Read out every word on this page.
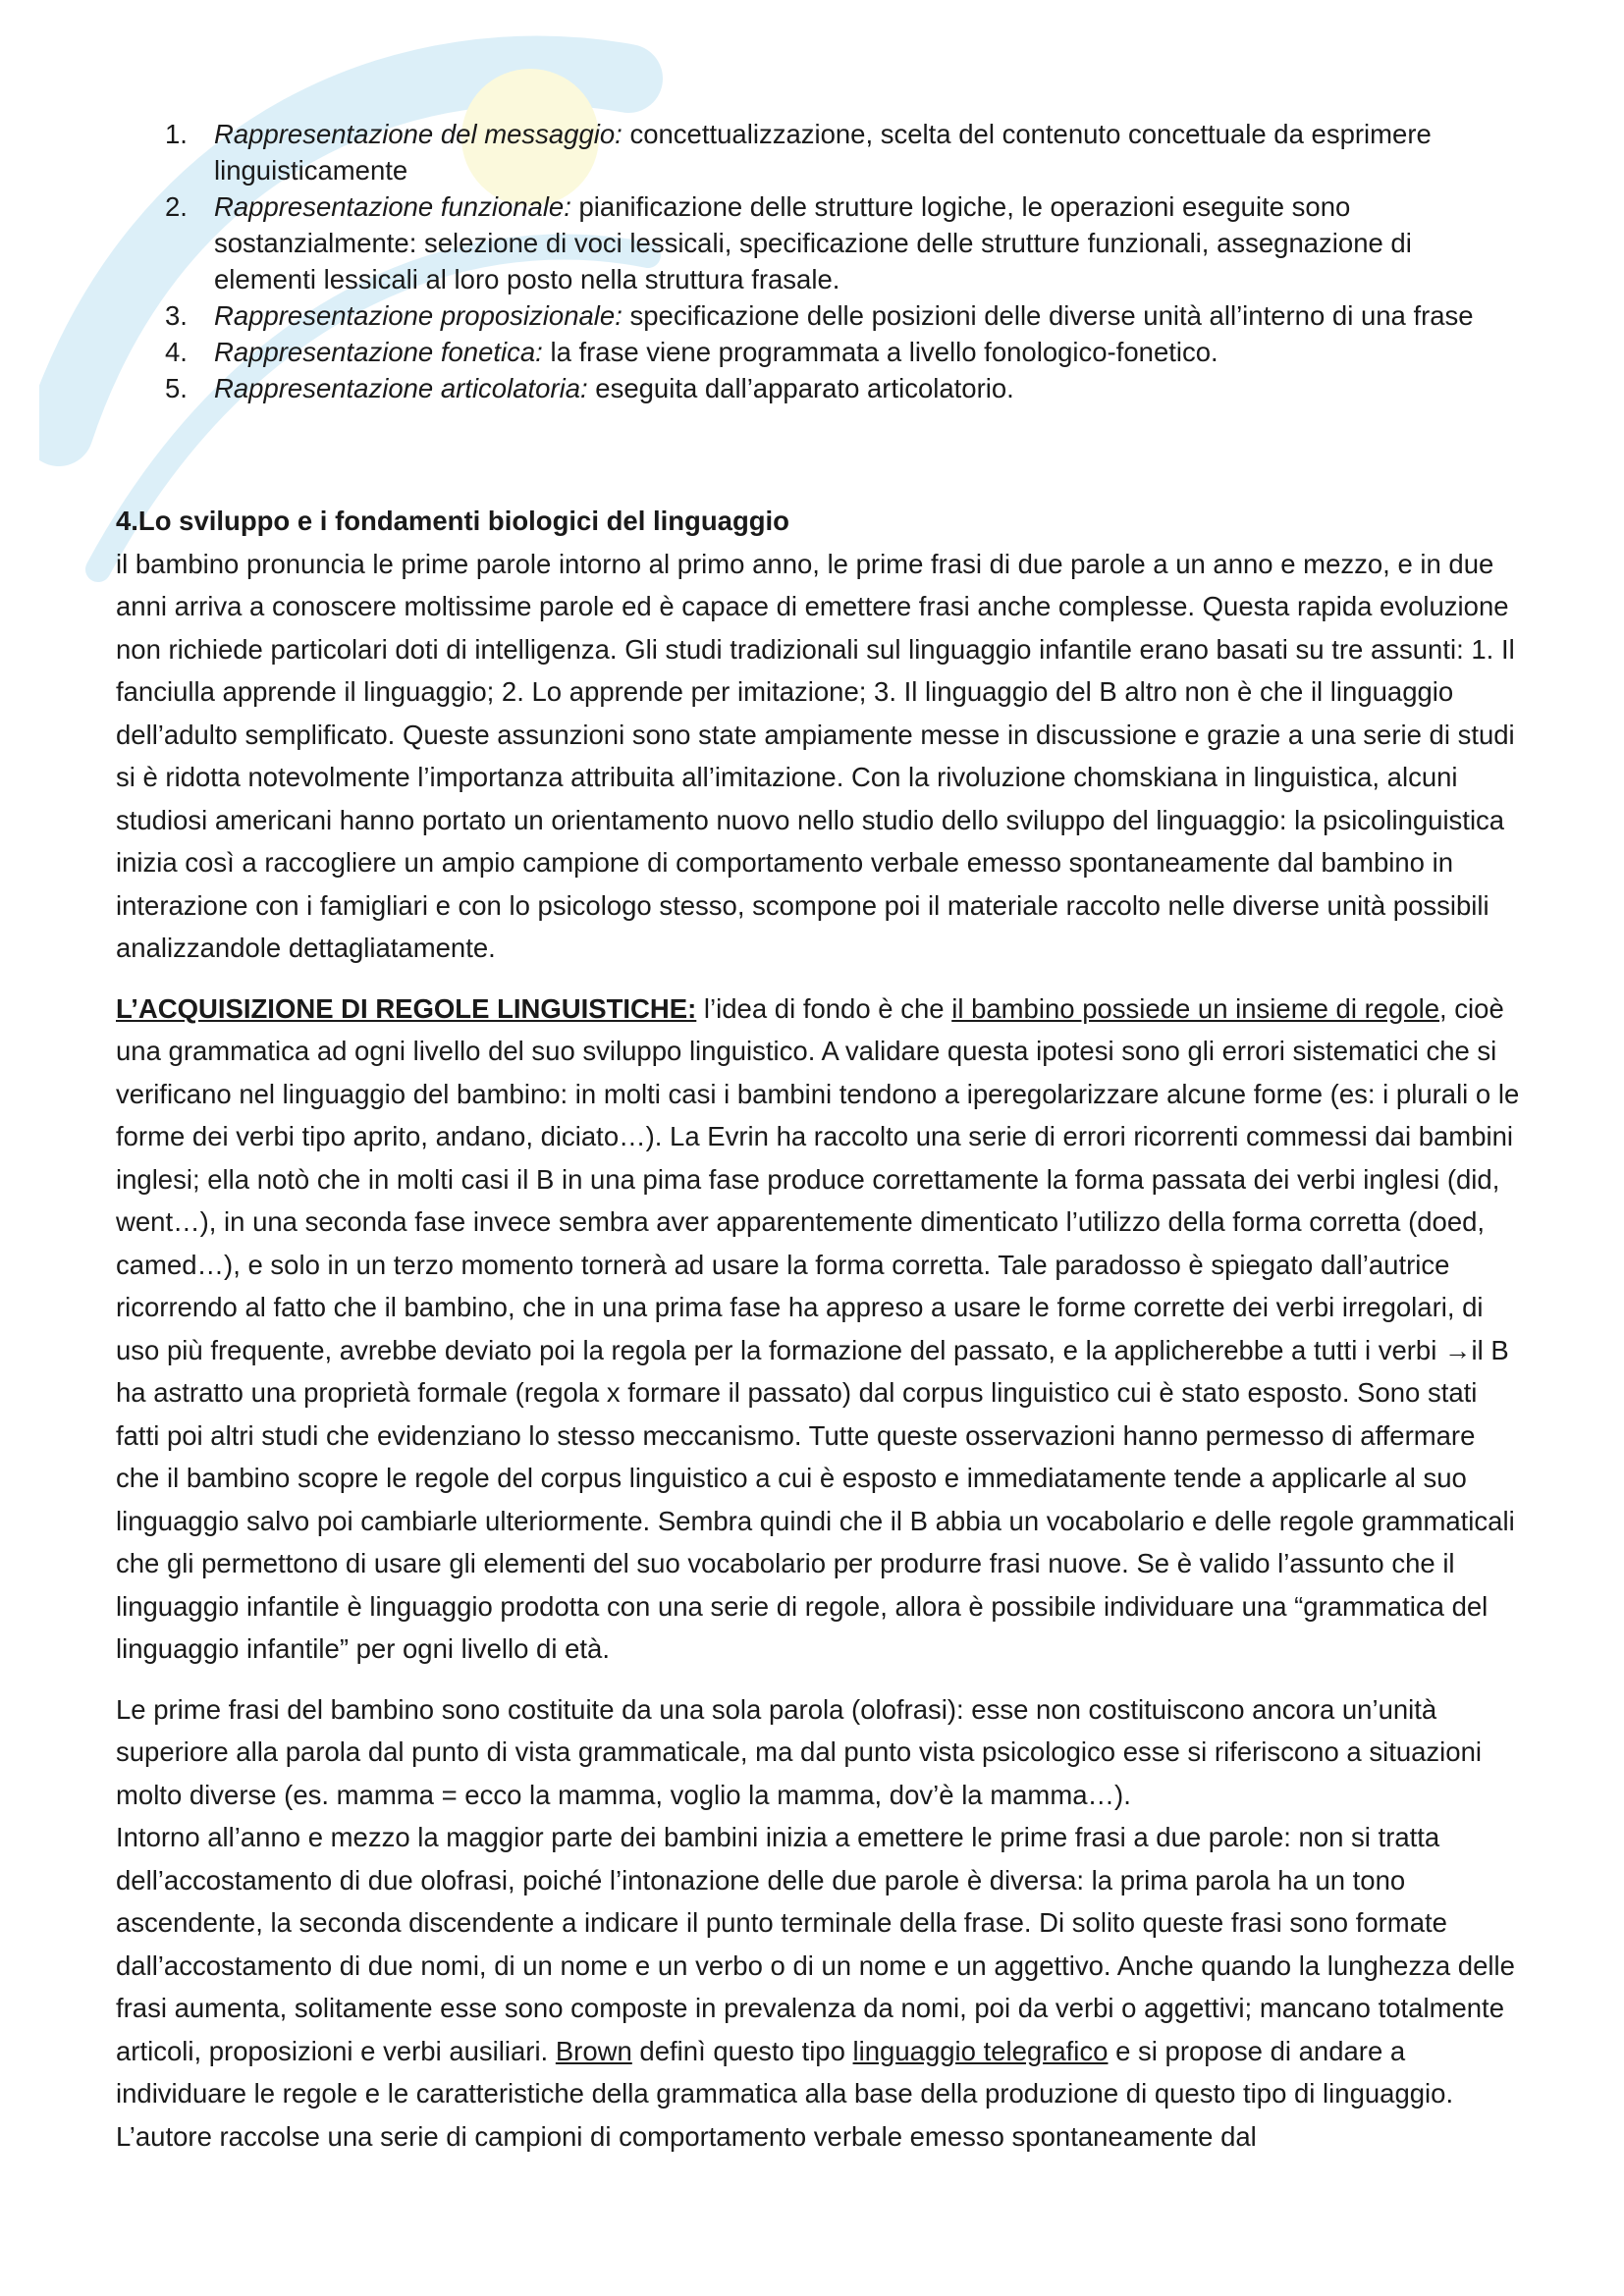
1. Rappresentazione del messaggio: concettualizzazione, scelta del contenuto concettuale da esprimere linguisticamente
2. Rappresentazione funzionale: pianificazione delle strutture logiche, le operazioni eseguite sono sostanzialmente: selezione di voci lessicali, specificazione delle strutture funzionali, assegnazione di elementi lessicali al loro posto nella struttura frasale.
3. Rappresentazione proposizionale: specificazione delle posizioni delle diverse unità all’interno di una frase
4. Rappresentazione fonetica: la frase viene programmata a livello fonologico-fonetico.
5. Rappresentazione articolatoria: eseguita dall’apparato articolatorio.
4.Lo sviluppo e i fondamenti biologici del linguaggio

il bambino pronuncia le prime parole intorno al primo anno, le prime frasi di due parole a un anno e mezzo, e in due anni arriva a conoscere moltissime parole ed è capace di emettere frasi anche complesse. Questa rapida evoluzione non richiede particolari doti di intelligenza. Gli studi tradizionali sul linguaggio infantile erano basati su tre assunti: 1. Il fanciulla apprende il linguaggio; 2. Lo apprende per imitazione; 3. Il linguaggio del B altro non è che il linguaggio dell’adulto semplificato. Queste assunzioni sono state ampiamente messe in discussione e grazie a una serie di studi si è ridotta notevolmente l’importanza attribuita all’imitazione. Con la rivoluzione chomskiana in linguistica, alcuni studiosi americani hanno portato un orientamento nuovo nello studio dello sviluppo del linguaggio: la psicolinguistica inizia così a raccogliere un ampio campione di comportamento verbale emesso spontaneamente dal bambino in interazione con i famigliari e con lo psicologo stesso, scompone poi il materiale raccolto nelle diverse unità possibili analizzandole dettagliatamente.

L’ACQUISIZIONE DI REGOLE LINGUISTICHE: l’idea di fondo è che il bambino possiede un insieme di regole, cioè una grammatica ad ogni livello del suo sviluppo linguistico. A validare questa ipotesi sono gli errori sistematici che si verificano nel linguaggio del bambino: in molti casi i bambini tendono a iperegolarizzare alcune forme (es: i plurali o le forme dei verbi tipo aprito, andano, diciato…). La Evrin ha raccolto una serie di errori ricorrenti commessi dai bambini inglesi; ella notò che in molti casi il B in una pima fase produce correttamente la forma passata dei verbi inglesi (did, went…), in una seconda fase invece sembra aver apparentemente dimenticato l’utilizzo della forma corretta (doed, camed…), e solo in un terzo momento tornerà ad usare la forma corretta. Tale paradosso è spiegato dall’autrice ricorrendo al fatto che il bambino, che in una prima fase ha appreso a usare le forme corrette dei verbi irregolari, di uso più frequente, avrebbe deviato poi la regola per la formazione del passato, e la applicherebbe a tutti i verbi →il B ha astratto una proprietà formale (regola x formare il passato) dal corpus linguistico cui è stato esposto. Sono stati fatti poi altri studi che evidenziano lo stesso meccanismo. Tutte queste osservazioni hanno permesso di affermare che il bambino scopre le regole del corpus linguistico a cui è esposto e immediatamente tende a applicarle al suo linguaggio salvo poi cambiarle ulteriormente. Sembra quindi che il B abbia un vocabolario e delle regole grammaticali che gli permettono di usare gli elementi del suo vocabolario per produrre frasi nuove. Se è valido l’assunto che il linguaggio infantile è linguaggio prodotta con una serie di regole, allora è possibile individuare una “grammatica del linguaggio infantile” per ogni livello di età.

Le prime frasi del bambino sono costituite da una sola parola (olofrasi): esse non costituiscono ancora un’unità superiore alla parola dal punto di vista grammaticale, ma dal punto vista psicologico esse si riferiscono a situazioni molto diverse (es. mamma = ecco la mamma, voglio la mamma, dov’è la mamma…).

Intorno all’anno e mezzo la maggior parte dei bambini inizia a emettere le prime frasi a due parole: non si tratta dell’accostamento di due olofrasi, poiché l’intonazione delle due parole è diversa: la prima parola ha un tono ascendente, la seconda discendente a indicare il punto terminale della frase. Di solito queste frasi sono formate dall’accostamento di due nomi, di un nome e un verbo o di un nome e un aggettivo. Anche quando la lunghezza delle frasi aumenta, solitamente esse sono composte in prevalenza da nomi, poi da verbi o aggettivi; mancano totalmente articoli, proposizioni e verbi ausiliari. Brown definì questo tipo linguaggio telegrafico e si propose di andare a individuare le regole e le caratteristiche della grammatica alla base della produzione di questo tipo di linguaggio. L’autore raccolse una serie di campioni di comportamento verbale emesso spontaneamente dal
